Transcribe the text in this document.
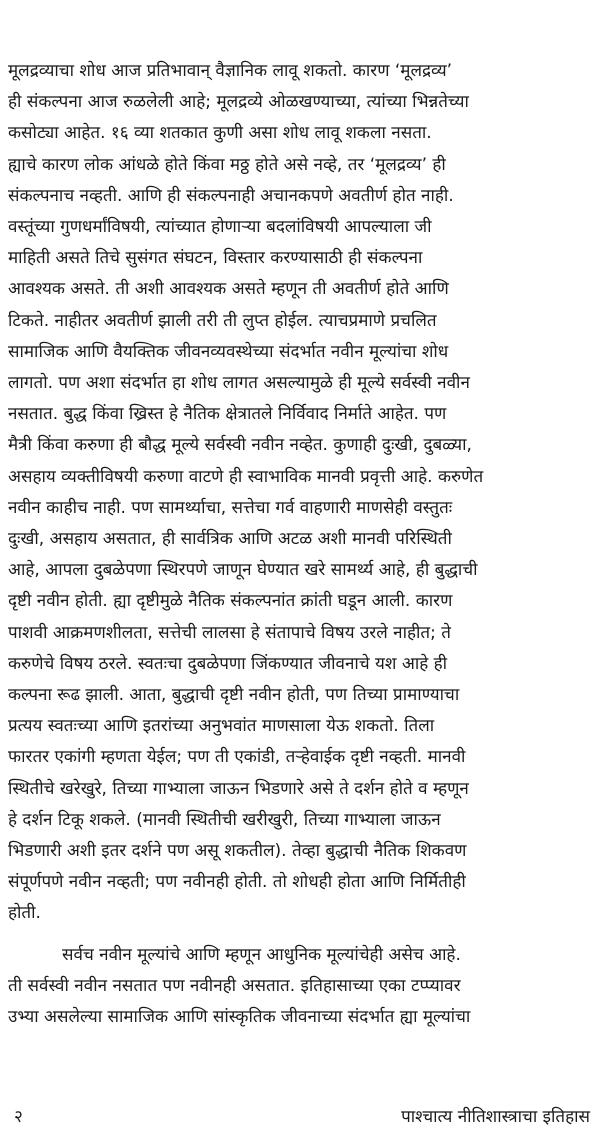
मूलद्रव्याचा शोध आज प्रतिभावान् वैज्ञानिक लावू शकतो. कारण ‘मूलद्रव्य’
ही संकल्पना आज रुळलेली आहे; मूलद्रव्ये ओळखण्याच्या, त्यांच्या भिन्नतेच्या
कसोट्या आहेत. १६ व्या शतकात कुणी असा शोध लावू शकला नसता.
ह्याचे कारण लोक आंधळे होते किंवा मठ्ठ होते असे नव्हे, तर ‘मूलद्रव्य’ ही
संकल्पनाच नव्हती. आणि ही संकल्पनाही अचानकपणे अवतीर्ण होत नाही.
वस्तूंच्या गुणधर्मांविषयी, त्यांच्यात होणाऱ्या बदलांविषयी आपल्याला जी
माहिती असते तिचे सुसंगत संघटन, विस्तार करण्यासाठी ही संकल्पना
आवश्यक असते. ती अशी आवश्यक असते म्हणून ती अवतीर्ण होते आणि
टिकते. नाहीतर अवतीर्ण झाली तरी ती लुप्त होईल. त्याचप्रमाणे प्रचलित
सामाजिक आणि वैयक्तिक जीवनव्यवस्थेच्या संदर्भात नवीन मूल्यांचा शोध
लागतो. पण अशा संदर्भात हा शोध लागत असल्यामुळे ही मूल्ये सर्वस्वी नवीन
नसतात. बुद्ध किंवा ख्रिस्त हे नैतिक क्षेत्रातले निर्विवाद निर्माते आहेत. पण
मैत्री किंवा करुणा ही बौद्ध मूल्ये सर्वस्वी नवीन नव्हेत. कुणाही दुःखी, दुबळ्या,
असहाय व्यक्तीविषयी करुणा वाटणे ही स्वाभाविक मानवी प्रवृत्ती आहे. करुणेत
नवीन काहीच नाही. पण सामर्थ्याचा, सत्तेचा गर्व वाहणारी माणसेही वस्तुतः
दुःखी, असहाय असतात, ही सार्वत्रिक आणि अटळ अशी मानवी परिस्थिती
आहे, आपला दुबळेपणा स्थिरपणे जाणून घेण्यात खरे सामर्थ्य आहे, ही बुद्धाची
दृष्टी नवीन होती. ह्या दृष्टीमुळे नैतिक संकल्पनांत क्रांती घडून आली. कारण
पाशवी आक्रमणशीलता, सत्तेची लालसा हे संतापाचे विषय उरले नाहीत; ते
करुणेचे विषय ठरले. स्वतःचा दुबळेपणा जिंकण्यात जीवनाचे यश आहे ही
कल्पना रूढ झाली. आता, बुद्धाची दृष्टी नवीन होती, पण तिच्या प्रामाण्याचा
प्रत्यय स्वतःच्या आणि इतरांच्या अनुभवांत माणसाला येऊ शकतो. तिला
फारतर एकांगी म्हणता येईल; पण ती एकांडी, तऱ्हेवाईक दृष्टी नव्हती. मानवी
स्थितीचे खरेखुरे, तिच्या गाभ्याला जाऊन भिडणारे असे ते दर्शन होते व म्हणून
हे दर्शन टिकू शकले. (मानवी स्थितीची खरीखुरी, तिच्या गाभ्याला जाऊन
भिडणारी अशी इतर दर्शने पण असू शकतील). तेव्हा बुद्धाची नैतिक शिकवण
संपूर्णपणे नवीन नव्हती; पण नवीनही होती. तो शोधही होता आणि निर्मितीही
होती.
सर्वच नवीन मूल्यांचे आणि म्हणून आधुनिक मूल्यांचेही असेच आहे.
ती सर्वस्वी नवीन नसतात पण नवीनही असतात. इतिहासाच्या एका टप्प्यावर
उभ्या असलेल्या सामाजिक आणि सांस्कृतिक जीवनाच्या संदर्भात ह्या मूल्यांचा
२	पाश्चात्य नीतिशास्त्राचा इतिहास
